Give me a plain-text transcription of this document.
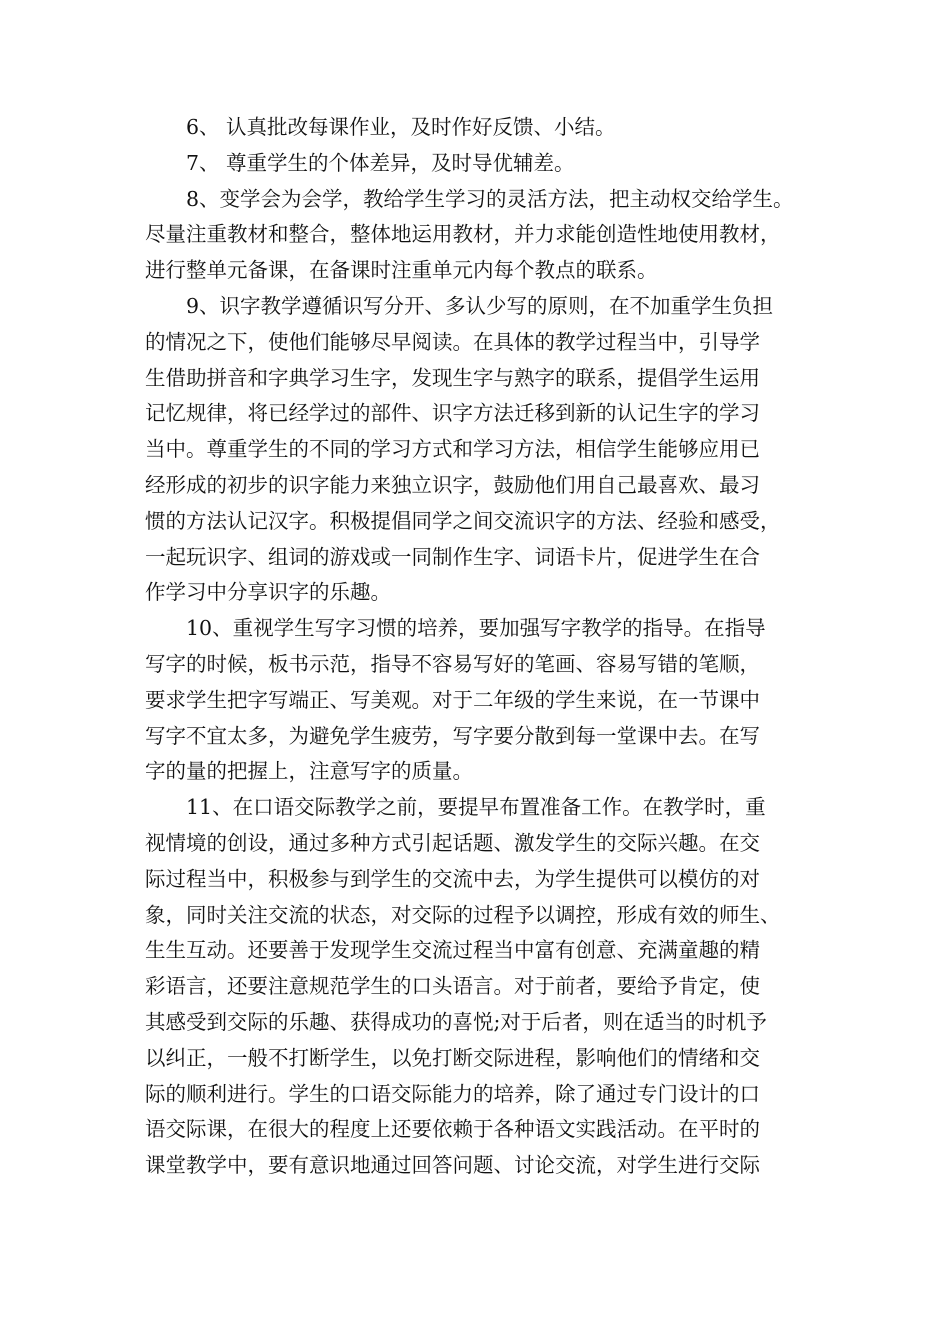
6、 认真批改每课作业，及时作好反馈、小结。
7、 尊重学生的个体差异，及时导优辅差。
8、变学会为会学，教给学生学习的灵活方法，把主动权交给学生。
尽量注重教材和整合，整体地运用教材，并力求能创造性地使用教材，
进行整单元备课，在备课时注重单元内每个教点的联系。
9、识字教学遵循识写分开、多认少写的原则，在不加重学生负担
的情况之下，使他们能够尽早阅读。在具体的教学过程当中，引导学
生借助拼音和字典学习生字，发现生字与熟字的联系，提倡学生运用
记忆规律，将已经学过的部件、识字方法迁移到新的认记生字的学习
当中。尊重学生的不同的学习方式和学习方法，相信学生能够应用已
经形成的初步的识字能力来独立识字，鼓励他们用自己最喜欢、最习
惯的方法认记汉字。积极提倡同学之间交流识字的方法、经验和感受，
一起玩识字、组词的游戏或一同制作生字、词语卡片，促进学生在合
作学习中分享识字的乐趣。
10、重视学生写字习惯的培养，要加强写字教学的指导。在指导
写字的时候，板书示范，指导不容易写好的笔画、容易写错的笔顺，
要求学生把字写端正、写美观。对于二年级的学生来说，在一节课中
写字不宜太多，为避免学生疲劳，写字要分散到每一堂课中去。在写
字的量的把握上，注意写字的质量。
11、在口语交际教学之前，要提早布置准备工作。在教学时，重
视情境的创设，通过多种方式引起话题、激发学生的交际兴趣。在交
际过程当中，积极参与到学生的交流中去，为学生提供可以模仿的对
象，同时关注交流的状态，对交际的过程予以调控，形成有效的师生、
生生互动。还要善于发现学生交流过程当中富有创意、充满童趣的精
彩语言，还要注意规范学生的口头语言。对于前者，要给予肯定，使
其感受到交际的乐趣、获得成功的喜悦;对于后者，则在适当的时机予
以纠正，一般不打断学生，以免打断交际进程，影响他们的情绪和交
际的顺利进行。学生的口语交际能力的培养，除了通过专门设计的口
语交际课，在很大的程度上还要依赖于各种语文实践活动。在平时的
课堂教学中，要有意识地通过回答问题、讨论交流，对学生进行交际
